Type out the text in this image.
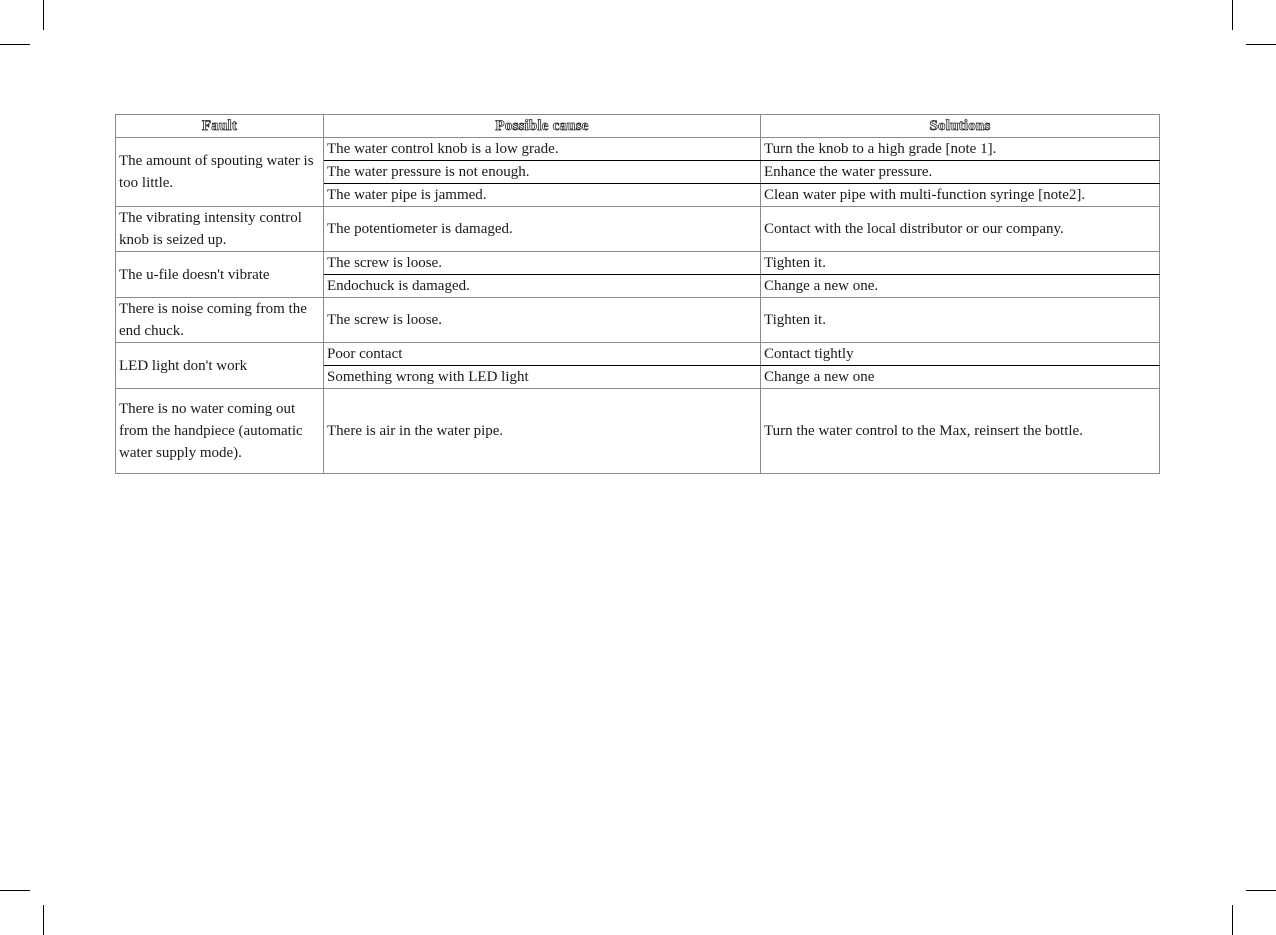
Fault	Possible cause	Solutions
The amount of spouting water is too little.	The water control knob is a low grade.	Turn the knob to a high grade [note 1].
	The water pressure is not enough.	Enhance the water pressure.
	The water pipe is jammed.	Clean water pipe with multi-function syringe [note2].
The vibrating intensity control knob is seized up.	The potentiometer is damaged.	Contact with the local distributor or our company.
The u-file doesn't vibrate	The screw is loose.	Tighten it.
	Endochuck is damaged.	Change a new one.
There is noise coming from the end chuck.	The screw is loose.	Tighten it.
LED light don't work	Poor contact	Contact tightly
	Something wrong with LED light	Change a new one
There is no water coming out from the handpiece (automatic water supply mode).	There is air in the water pipe.	Turn the water control to the Max, reinsert the bottle.
